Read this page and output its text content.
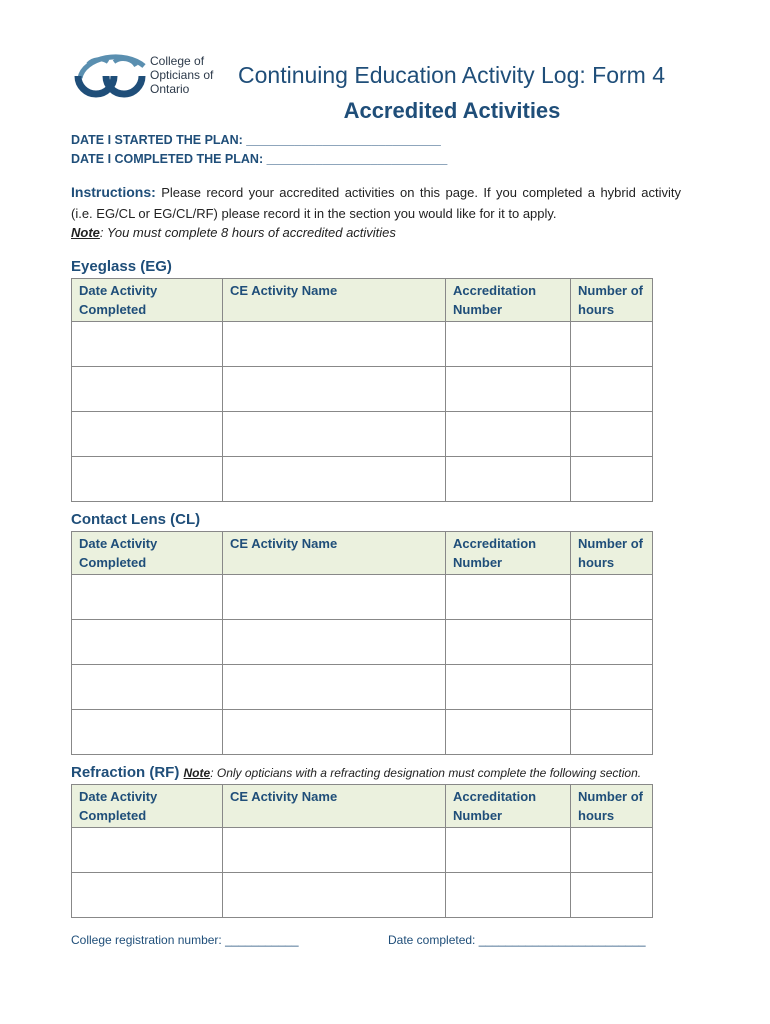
College of
Opticians of
Ontario
Continuing Education Activity Log: Form 4
Accredited Activities
DATE I STARTED THE PLAN: ____________________________
DATE I COMPLETED THE PLAN: __________________________
Instructions: Please record your accredited activities on this page. If you completed a hybrid activity (i.e. EG/CL or EG/CL/RF) please record it in the section you would like for it to apply.
Note: You must complete 8 hours of accredited activities
Eyeglass (EG)
Date Activity Completed	CE Activity Name	Accreditation Number	Number of hours

Contact Lens (CL)
Date Activity Completed	CE Activity Name	Accreditation Number	Number of hours

Refraction (RF) Note: Only opticians with a refracting designation must complete the following section.
Date Activity Completed	CE Activity Name	Accreditation Number	Number of hours

College registration number: ___________	Date completed: _________________________
